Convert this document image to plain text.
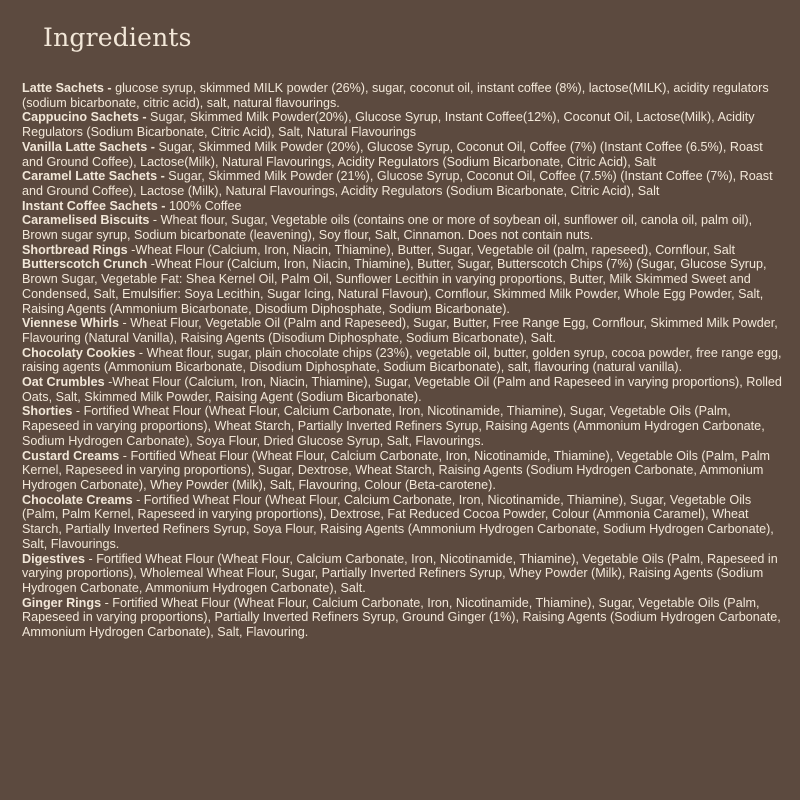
Ingredients
Latte Sachets - glucose syrup, skimmed MILK powder (26%), sugar, coconut oil, instant coffee (8%), lactose(MILK), acidity regulators (sodium bicarbonate, citric acid), salt, natural flavourings.
Cappucino Sachets - Sugar, Skimmed Milk Powder(20%), Glucose Syrup, Instant Coffee(12%), Coconut Oil, Lactose(Milk), Acidity Regulators (Sodium Bicarbonate, Citric Acid), Salt, Natural Flavourings
Vanilla Latte Sachets - Sugar, Skimmed Milk Powder (20%), Glucose Syrup, Coconut Oil, Coffee (7%) (Instant Coffee (6.5%), Roast and Ground Coffee), Lactose(Milk), Natural Flavourings, Acidity Regulators (Sodium Bicarbonate, Citric Acid), Salt
Caramel Latte Sachets - Sugar, Skimmed Milk Powder (21%), Glucose Syrup, Coconut Oil, Coffee (7.5%) (Instant Coffee (7%), Roast and Ground Coffee), Lactose (Milk), Natural Flavourings, Acidity Regulators (Sodium Bicarbonate, Citric Acid), Salt
Instant Coffee Sachets - 100% Coffee
Caramelised Biscuits - Wheat flour, Sugar, Vegetable oils (contains one or more of soybean oil, sunflower oil, canola oil, palm oil), Brown sugar syrup, Sodium bicarbonate (leavening), Soy flour, Salt, Cinnamon. Does not contain nuts.
Shortbread Rings -Wheat Flour (Calcium, Iron, Niacin, Thiamine), Butter, Sugar, Vegetable oil (palm, rapeseed), Cornflour, Salt
Butterscotch Crunch -Wheat Flour (Calcium, Iron, Niacin, Thiamine), Butter, Sugar, Butterscotch Chips (7%) (Sugar, Glucose Syrup, Brown Sugar, Vegetable Fat: Shea Kernel Oil, Palm Oil, Sunflower Lecithin in varying proportions, Butter, Milk Skimmed Sweet and Condensed, Salt, Emulsifier: Soya Lecithin, Sugar Icing, Natural Flavour), Cornflour, Skimmed Milk Powder, Whole Egg Powder, Salt, Raising Agents (Ammonium Bicarbonate, Disodium Diphosphate, Sodium Bicarbonate).
Viennese Whirls - Wheat Flour, Vegetable Oil (Palm and Rapeseed), Sugar, Butter, Free Range Egg, Cornflour, Skimmed Milk Powder, Flavouring (Natural Vanilla), Raising Agents (Disodium Diphosphate, Sodium Bicarbonate), Salt.
Chocolaty Cookies - Wheat flour, sugar, plain chocolate chips (23%), vegetable oil, butter, golden syrup, cocoa powder, free range egg, raising agents (Ammonium Bicarbonate, Disodium Diphosphate, Sodium Bicarbonate), salt, flavouring (natural vanilla).
Oat Crumbles -Wheat Flour (Calcium, Iron, Niacin, Thiamine), Sugar, Vegetable Oil (Palm and Rapeseed in varying proportions), Rolled Oats, Salt, Skimmed Milk Powder, Raising Agent (Sodium Bicarbonate).
Shorties - Fortified Wheat Flour (Wheat Flour, Calcium Carbonate, Iron, Nicotinamide, Thiamine), Sugar, Vegetable Oils (Palm, Rapeseed in varying proportions), Wheat Starch, Partially Inverted Refiners Syrup, Raising Agents (Ammonium Hydrogen Carbonate, Sodium Hydrogen Carbonate), Soya Flour, Dried Glucose Syrup, Salt, Flavourings.
Custard Creams - Fortified Wheat Flour (Wheat Flour, Calcium Carbonate, Iron, Nicotinamide, Thiamine), Vegetable Oils (Palm, Palm Kernel, Rapeseed in varying proportions), Sugar, Dextrose, Wheat Starch, Raising Agents (Sodium Hydrogen Carbonate, Ammonium Hydrogen Carbonate), Whey Powder (Milk), Salt, Flavouring, Colour (Beta-carotene).
Chocolate Creams - Fortified Wheat Flour (Wheat Flour, Calcium Carbonate, Iron, Nicotinamide, Thiamine), Sugar, Vegetable Oils (Palm, Palm Kernel, Rapeseed in varying proportions), Dextrose, Fat Reduced Cocoa Powder, Colour (Ammonia Caramel), Wheat Starch, Partially Inverted Refiners Syrup, Soya Flour, Raising Agents (Ammonium Hydrogen Carbonate, Sodium Hydrogen Carbonate), Salt, Flavourings.
Digestives - Fortified Wheat Flour (Wheat Flour, Calcium Carbonate, Iron, Nicotinamide, Thiamine), Vegetable Oils (Palm, Rapeseed in varying proportions), Wholemeal Wheat Flour, Sugar, Partially Inverted Refiners Syrup, Whey Powder (Milk), Raising Agents (Sodium Hydrogen Carbonate, Ammonium Hydrogen Carbonate), Salt.
Ginger Rings - Fortified Wheat Flour (Wheat Flour, Calcium Carbonate, Iron, Nicotinamide, Thiamine), Sugar, Vegetable Oils (Palm, Rapeseed in varying proportions), Partially Inverted Refiners Syrup, Ground Ginger (1%), Raising Agents (Sodium Hydrogen Carbonate, Ammonium Hydrogen Carbonate), Salt, Flavouring.
